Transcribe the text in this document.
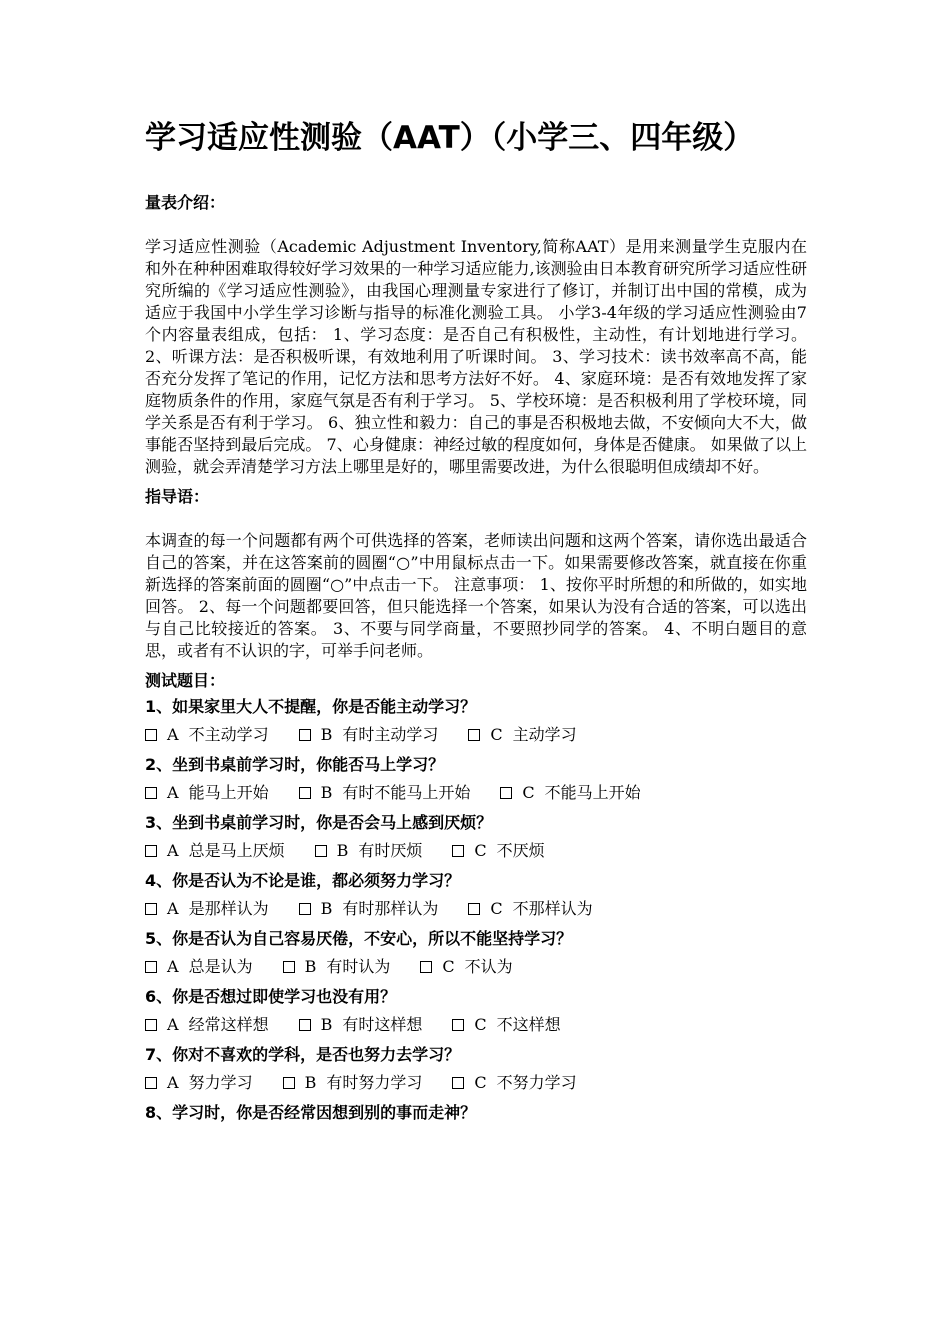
学习适应性测验（AAT）（小学三、四年级）
量表介绍：

学习适应性测验（Academic Adjustment Inventory,简称AAT）是用来测量学生克服内在和外在种种困难取得较好学习效果的一种学习适应能力,该测验由日本教育研究所学习适应性研究所编的《学习适应性测验》，由我国心理测量专家进行了修订，并制订出中国的常模，成为适应于我国中小学生学习诊断与指导的标准化测验工具。 小学3-4年级的学习适应性测验由7个内容量表组成，包括： 1、学习态度：是否自己有积极性，主动性，有计划地进行学习。 2、听课方法：是否积极听课，有效地利用了听课时间。 3、学习技术：读书效率高不高，能否充分发挥了笔记的作用，记忆方法和思考方法好不好。 4、家庭环境：是否有效地发挥了家庭物质条件的作用，家庭气氛是否有利于学习。 5、学校环境：是否积极利用了学校环境，同学关系是否有利于学习。 6、独立性和毅力：自己的事是否积极地去做，不安倾向大不大，做事能否坚持到最后完成。 7、心身健康：神经过敏的程度如何，身体是否健康。 如果做了以上测验，就会弄清楚学习方法上哪里是好的，哪里需要改进，为什么很聪明但成绩却不好。

指导语：

本调查的每一个问题都有两个可供选择的答案，老师读出问题和这两个答案，请你选出最适合自己的答案，并在这答案前的圆圈“○”中用鼠标点击一下。如果需要修改答案，就直接在你重新选择的答案前面的圆圈“○”中点击一下。 注意事项： 1、按你平时所想的和所做的，如实地回答。 2、每一个问题都要回答，但只能选择一个答案，如果认为没有合适的答案，可以选出与自己比较接近的答案。 3、不要与同学商量，不要照抄同学的答案。 4、不明白题目的意思，或者有不认识的字，可举手问老师。

测试题目：
1、如果家里大人不提醒，你是否能主动学习？
A 不主动学习	B 有时主动学习	C 主动学习
2、坐到书桌前学习时，你能否马上学习？
A 能马上开始	B 有时不能马上开始	C 不能马上开始
3、坐到书桌前学习时，你是否会马上感到厌烦？
A 总是马上厌烦	B 有时厌烦	C 不厌烦
4、你是否认为不论是谁，都必须努力学习？
A 是那样认为	B 有时那样认为	C 不那样认为
5、你是否认为自己容易厌倦，不安心，所以不能坚持学习？
A 总是认为	B 有时认为	C 不认为
6、你是否想过即使学习也没有用？
A 经常这样想	B 有时这样想	C 不这样想
7、你对不喜欢的学科，是否也努力去学习？
A 努力学习	B 有时努力学习	C 不努力学习
8、学习时，你是否经常因想到别的事而走神？
